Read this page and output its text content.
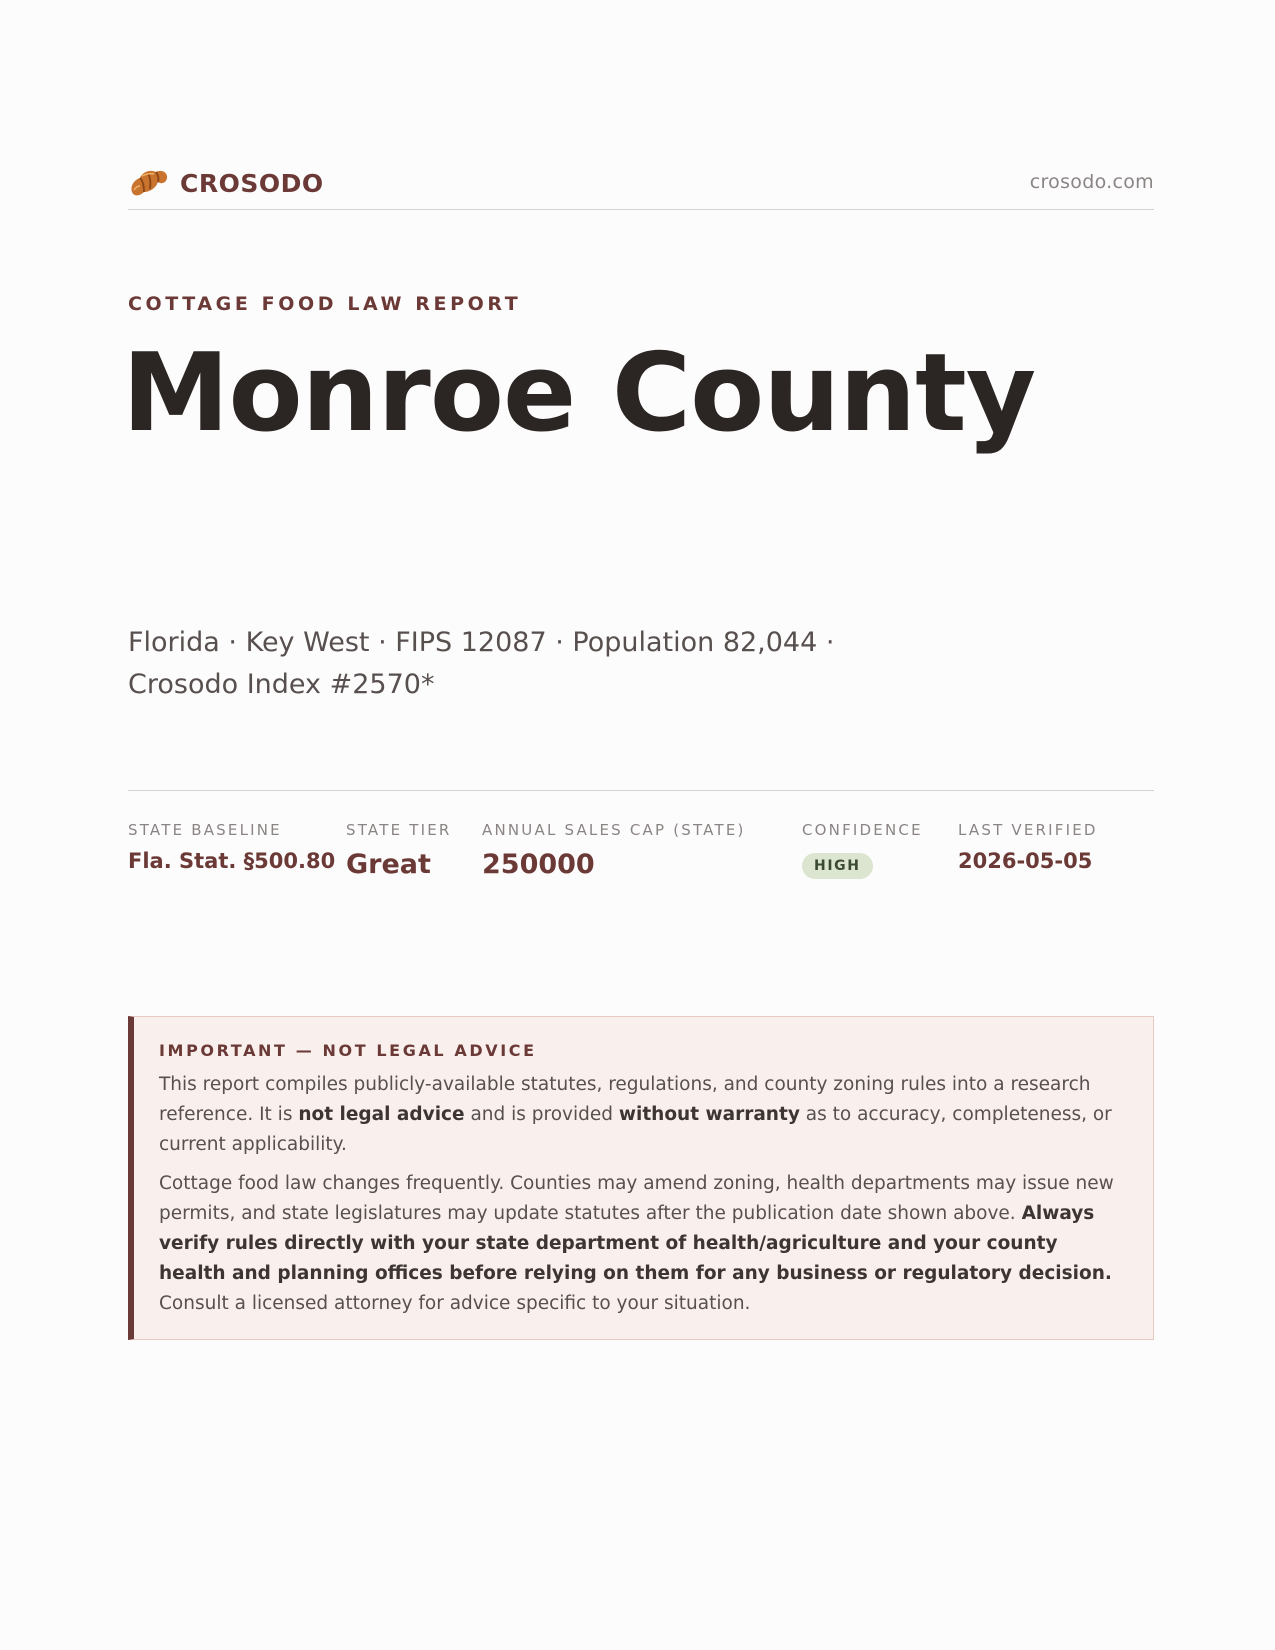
CROSODO	crosodo.com
COTTAGE FOOD LAW REPORT
Monroe County
Florida · Key West · FIPS 12087 · Population 82,044 · Crosodo Index #2570*
STATE BASELINE
Fla. Stat. §500.80
STATE TIER
Great
ANNUAL SALES CAP (STATE)
250000
CONFIDENCE
HIGH
LAST VERIFIED
2026-05-05
IMPORTANT — NOT LEGAL ADVICE

This report compiles publicly-available statutes, regulations, and county zoning rules into a research reference. It is not legal advice and is provided without warranty as to accuracy, completeness, or current applicability.

Cottage food law changes frequently. Counties may amend zoning, health departments may issue new permits, and state legislatures may update statutes after the publication date shown above. Always verify rules directly with your state department of health/agriculture and your county health and planning offices before relying on them for any business or regulatory decision. Consult a licensed attorney for advice specific to your situation.
